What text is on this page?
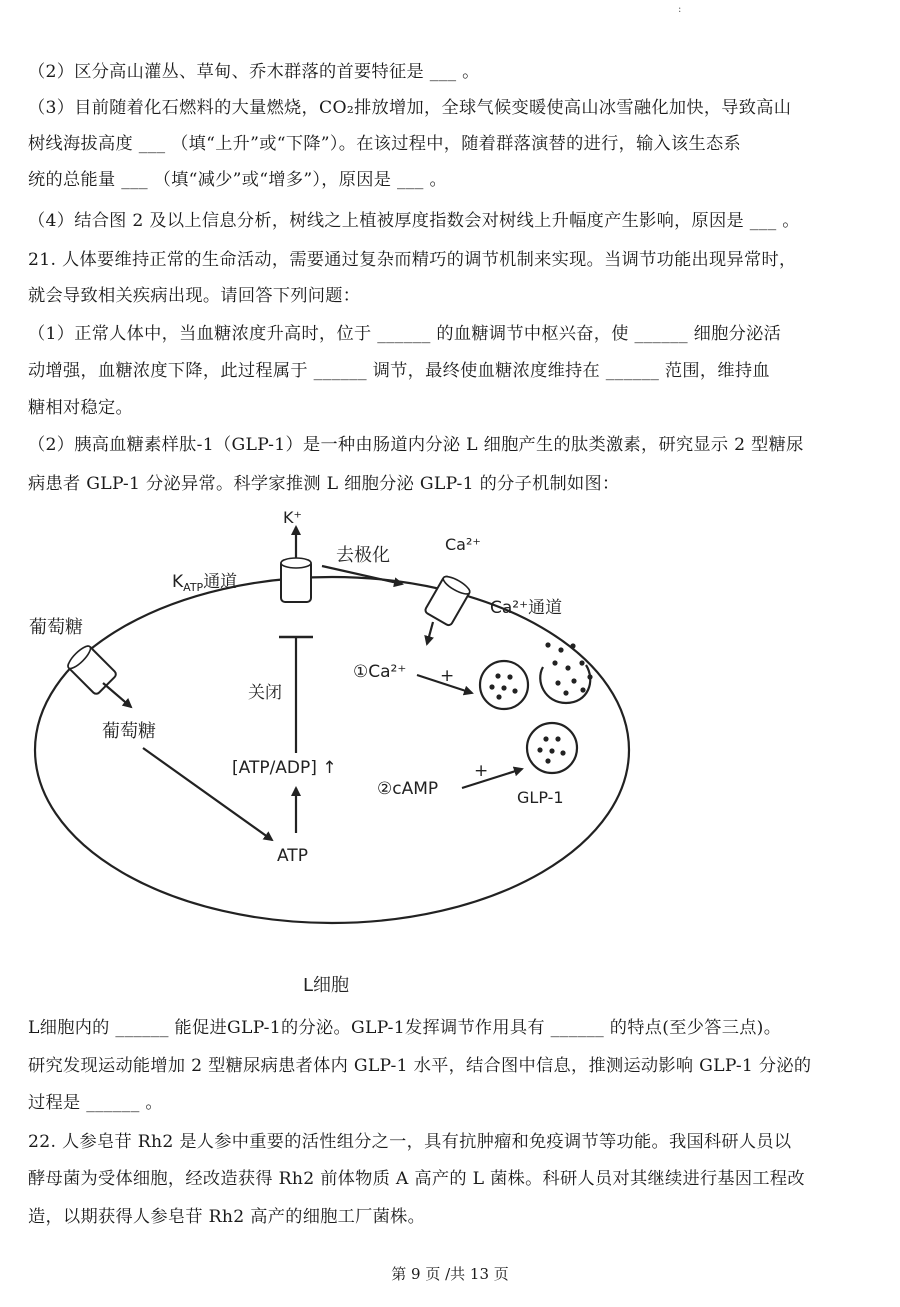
:
（2）区分高山灌丛、草甸、乔木群落的首要特征是 ___ 。
（3）目前随着化石燃料的大量燃烧，CO₂排放增加，全球气候变暖使高山冰雪融化加快，导致高山
树线海拔高度 ___ （填“上升”或“下降”）。在该过程中，随着群落演替的进行，输入该生态系
统的总能量 ___ （填“减少”或“增多”），原因是 ___ 。
（4）结合图 2 及以上信息分析，树线之上植被厚度指数会对树线上升幅度产生影响，原因是 ___ 。
21. 人体要维持正常的生命活动，需要通过复杂而精巧的调节机制来实现。当调节功能出现异常时，
就会导致相关疾病出现。请回答下列问题：
（1）正常人体中，当血糖浓度升高时，位于 ______ 的血糖调节中枢兴奋，使 ______ 细胞分泌活
动增强，血糖浓度下降，此过程属于 ______ 调节，最终使血糖浓度维持在 ______ 范围，维持血
糖相对稳定。
（2）胰高血糖素样肽-1（GLP-1）是一种由肠道内分泌 L 细胞产生的肽类激素，研究显示 2 型糖尿
病患者 GLP-1 分泌异常。科学家推测 L 细胞分泌 GLP-1 的分子机制如图：
K⁺
$K_{ATP}$通道
去极化
Ca²⁺
Ca²⁺通道
葡萄糖
葡萄糖
ATP
[ATP/ADP] ↑
关闭
①Ca²⁺ +
②cAMP
+
GLP-1
L细胞
L细胞内的 ______ 能促进GLP-1的分泌。GLP-1发挥调节作用具有 ______ 的特点(至少答三点)。
研究发现运动能增加 2 型糖尿病患者体内 GLP-1 水平，结合图中信息，推测运动影响 GLP-1 分泌的
过程是 ______ 。
22. 人参皂苷 Rh2 是人参中重要的活性组分之一，具有抗肿瘤和免疫调节等功能。我国科研人员以
酵母菌为受体细胞，经改造获得 Rh2 前体物质 A 高产的 L 菌株。科研人员对其继续进行基因工程改
造，以期获得人参皂苷 Rh2 高产的细胞工厂菌株。
第 9 页 /共 13 页
